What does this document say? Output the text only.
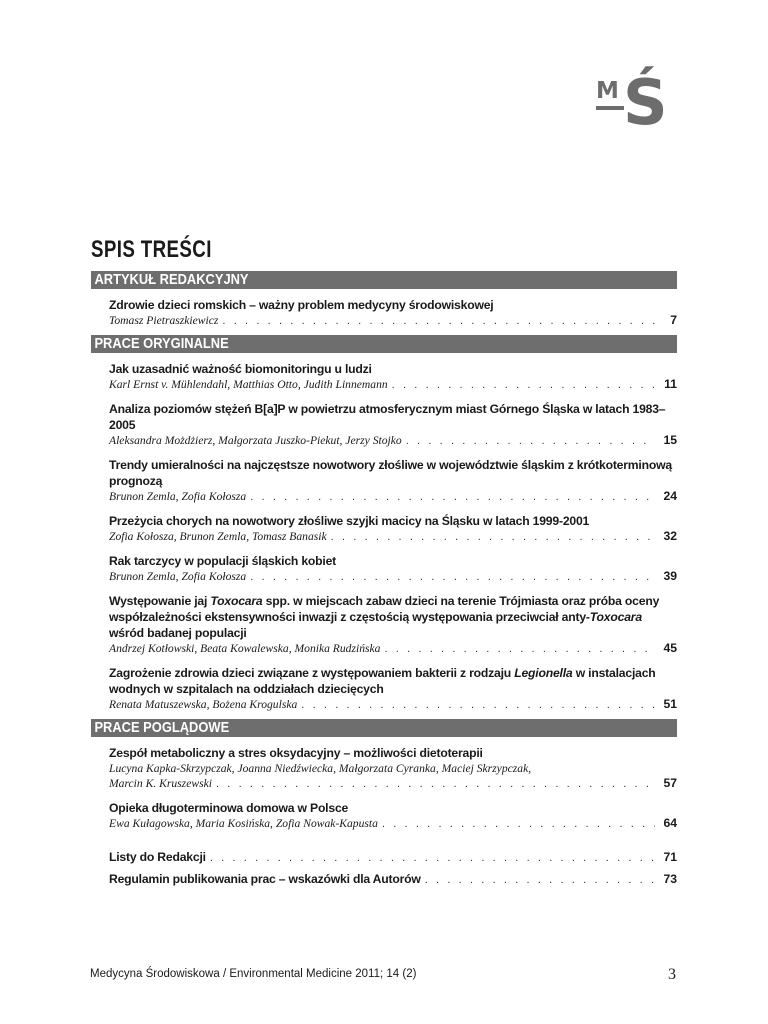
M Ś
SPIS TREŚCI
ARTYKUŁ REDAKCYJNY
Zdrowie dzieci romskich – ważny problem medycyny środowiskowej
Tomasz Pietraszkiewicz . . .	7
PRACE ORYGINALNE
Jak uzasadnić ważność biomonitoringu u ludzi
Karl Ernst v. Mühlendahl, Matthias Otto, Judith Linnemann . . .	11
Analiza poziomów stężeń B[a]P w powietrzu atmosferycznym miast Górnego Śląska w latach 1983–2005
Aleksandra Możdżierz, Małgorzata Juszko-Piekut, Jerzy Stojko . . .	15
Trendy umieralności na najczęstsze nowotwory złośliwe w województwie śląskim z krótkoterminową prognozą
Brunon Zemla, Zofia Kołosza . . .	24
Przeżycia chorych na nowotwory złośliwe szyjki macicy na Śląsku w latach 1999-2001
Zofia Kołosza, Brunon Zemla, Tomasz Banasik . . .	32
Rak tarczycy w populacji śląskich kobiet
Brunon Zemla, Zofia Kołosza . . .	39
Występowanie jaj Toxocara spp. w miejscach zabaw dzieci na terenie Trójmiasta oraz próba oceny współzależności ekstensywności inwazji z częstością występowania przeciwciał anty-Toxocara wśród badanej populacji
Andrzej Kotłowski, Beata Kowalewska, Monika Rudzińska . . .	45
Zagrożenie zdrowia dzieci związane z występowaniem bakterii z rodzaju Legionella w instalacjach wodnych w szpitalach na oddziałach dziecięcych
Renata Matuszewska, Bożena Krogulska . . .	51
PRACE POGLĄDOWE
Zespół metaboliczny a stres oksydacyjny – możliwości dietoterapii
Lucyna Kapka-Skrzypczak, Joanna Niedźwiecka, Małgorzata Cyranka, Maciej Skrzypczak,
Marcin K. Kruszewski . . .	57
Opieka długoterminowa domowa w Polsce
Ewa Kułagowska, Maria Kosińska, Zofia Nowak-Kapusta . . .	64
Listy do Redakcji . . .	71
Regulamin publikowania prac – wskazówki dla Autorów . . .	73
Medycyna Środowiskowa / Environmental Medicine 2011; 14 (2)	3
